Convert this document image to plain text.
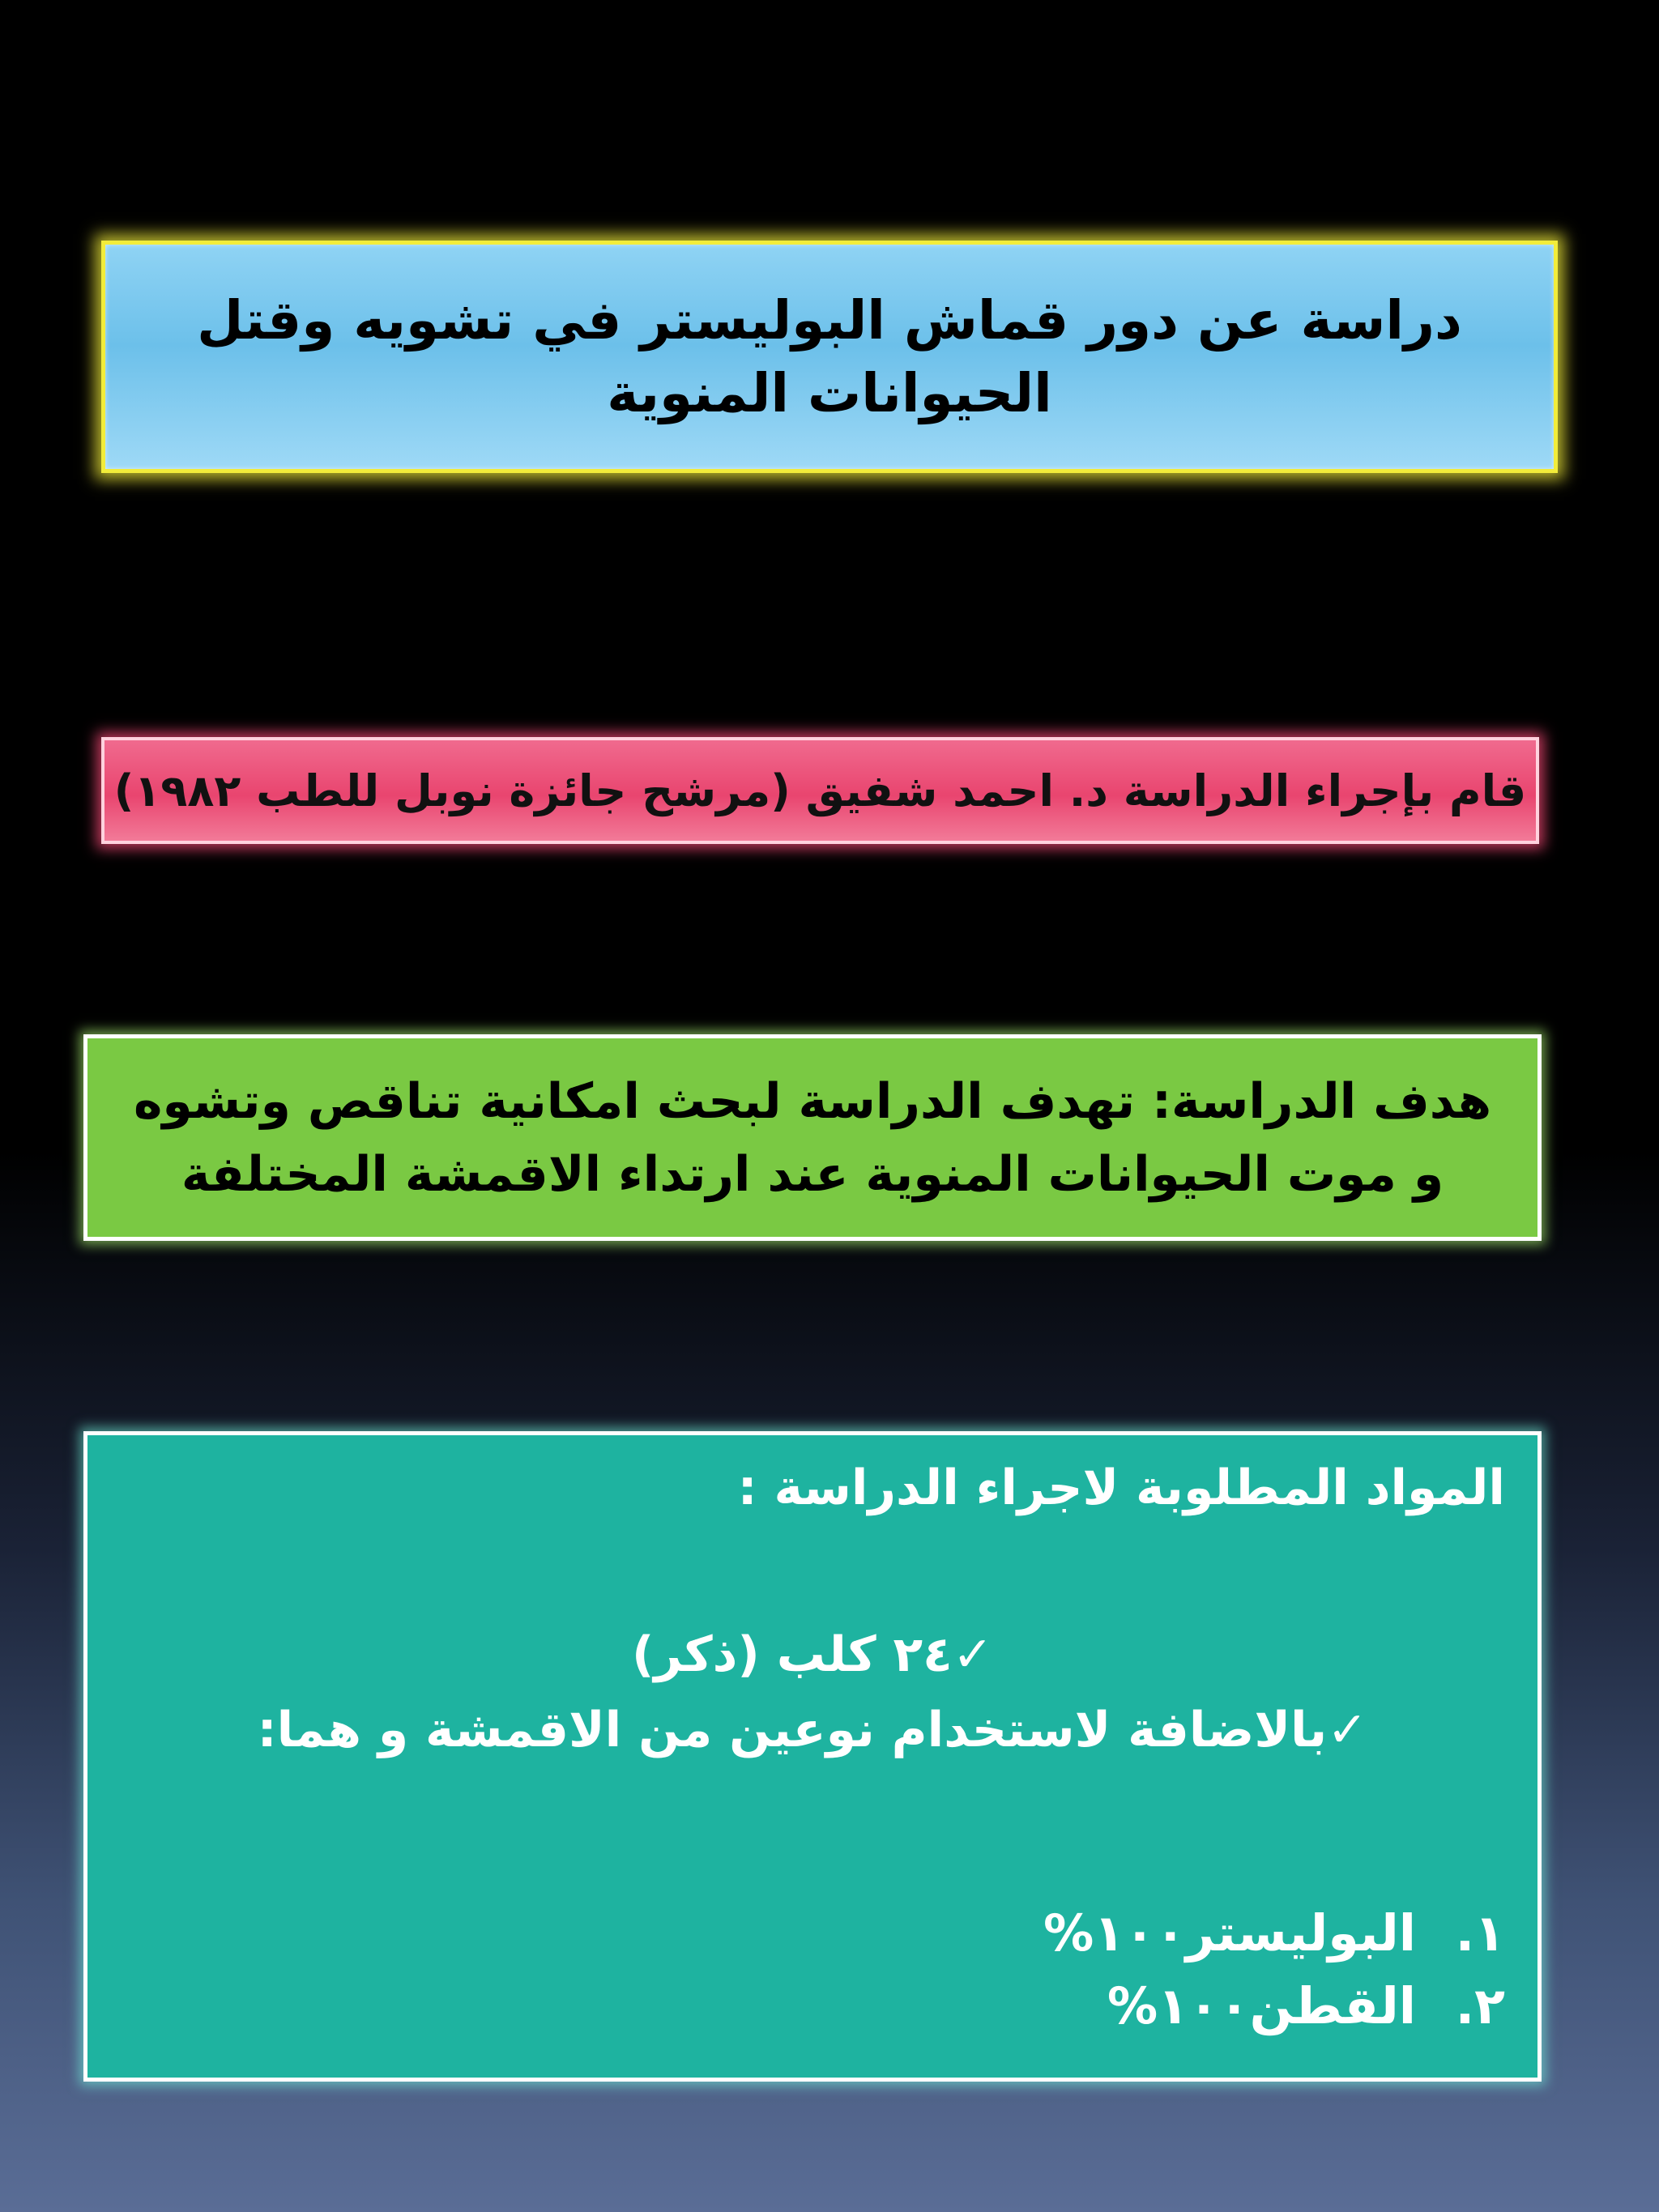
دراسة عن دور قماش البوليستر في تشويه وقتل
الحيوانات المنوية
قام بإجراء الدراسة د. احمد شفيق (مرشح جائزة نوبل للطب ١٩٨٢)
هدف الدراسة: تهدف الدراسة لبحث امكانية تناقص وتشوه
و موت الحيوانات المنوية عند ارتداء الاقمشة المختلفة
المواد المطلوبة لاجراء الدراسة :
✓٢٤ كلب (ذكر)
✓بالاضافة لاستخدام نوعين من الاقمشة و هما:
١.
البوليستر١٠٠%
٢.
القطن١٠٠%
